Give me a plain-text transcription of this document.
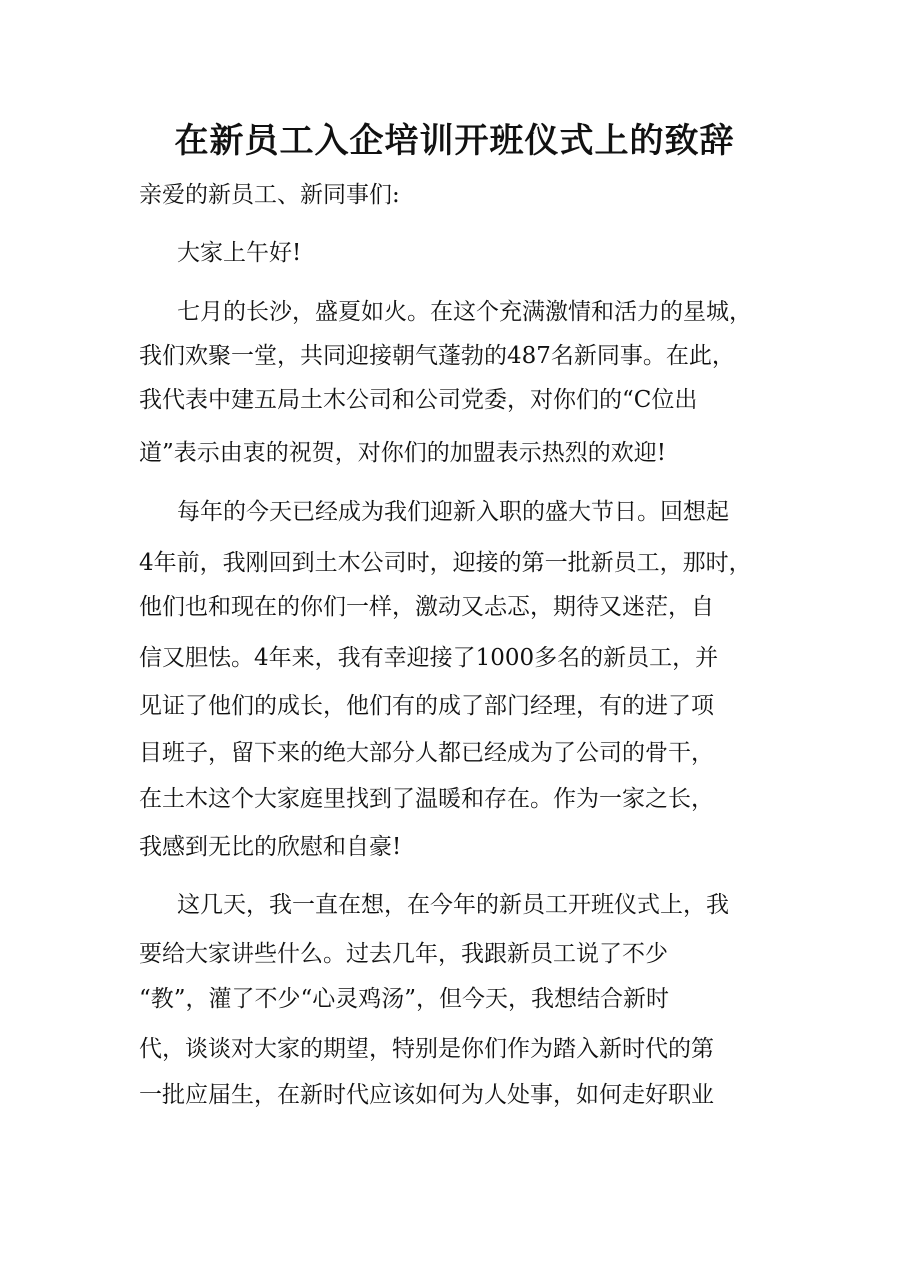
在新员工入企培训开班仪式上的致辞
亲爱的新员工、新同事们:
大家上午好!
七月的长沙，盛夏如火。在这个充满激情和活力的星城，
我们欢聚一堂，共同迎接朝气蓬勃的487名新同事。在此，
我代表中建五局土木公司和公司党委，对你们的“C位出
道”表示由衷的祝贺，对你们的加盟表示热烈的欢迎!
每年的今天已经成为我们迎新入职的盛大节日。回想起
4年前，我刚回到土木公司时，迎接的第一批新员工，那时，
他们也和现在的你们一样，激动又忐忑，期待又迷茫，自
信又胆怯。4年来，我有幸迎接了1000多名的新员工，并
见证了他们的成长，他们有的成了部门经理，有的进了项
目班子，留下来的绝大部分人都已经成为了公司的骨干，
在土木这个大家庭里找到了温暖和存在。作为一家之长，
我感到无比的欣慰和自豪!
这几天，我一直在想，在今年的新员工开班仪式上，我
要给大家讲些什么。过去几年，我跟新员工说了不少
“教”，灌了不少“心灵鸡汤”，但今天，我想结合新时
代，谈谈对大家的期望，特别是你们作为踏入新时代的第
一批应届生，在新时代应该如何为人处事，如何走好职业
